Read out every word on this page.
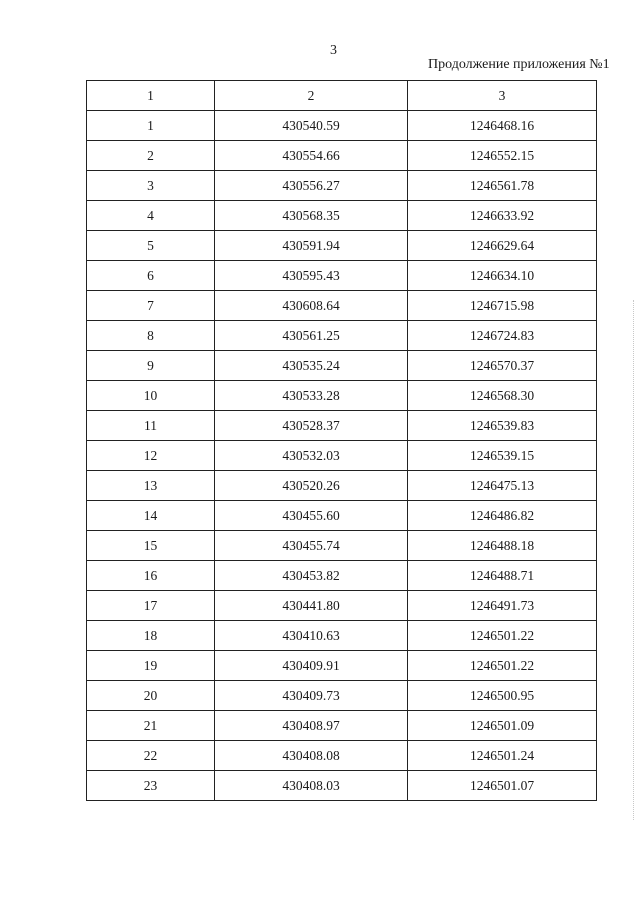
3
Продолжение приложения №1
1	2	3
1	430540.59	1246468.16
2	430554.66	1246552.15
3	430556.27	1246561.78
4	430568.35	1246633.92
5	430591.94	1246629.64
6	430595.43	1246634.10
7	430608.64	1246715.98
8	430561.25	1246724.83
9	430535.24	1246570.37
10	430533.28	1246568.30
11	430528.37	1246539.83
12	430532.03	1246539.15
13	430520.26	1246475.13
14	430455.60	1246486.82
15	430455.74	1246488.18
16	430453.82	1246488.71
17	430441.80	1246491.73
18	430410.63	1246501.22
19	430409.91	1246501.22
20	430409.73	1246500.95
21	430408.97	1246501.09
22	430408.08	1246501.24
23	430408.03	1246501.07
